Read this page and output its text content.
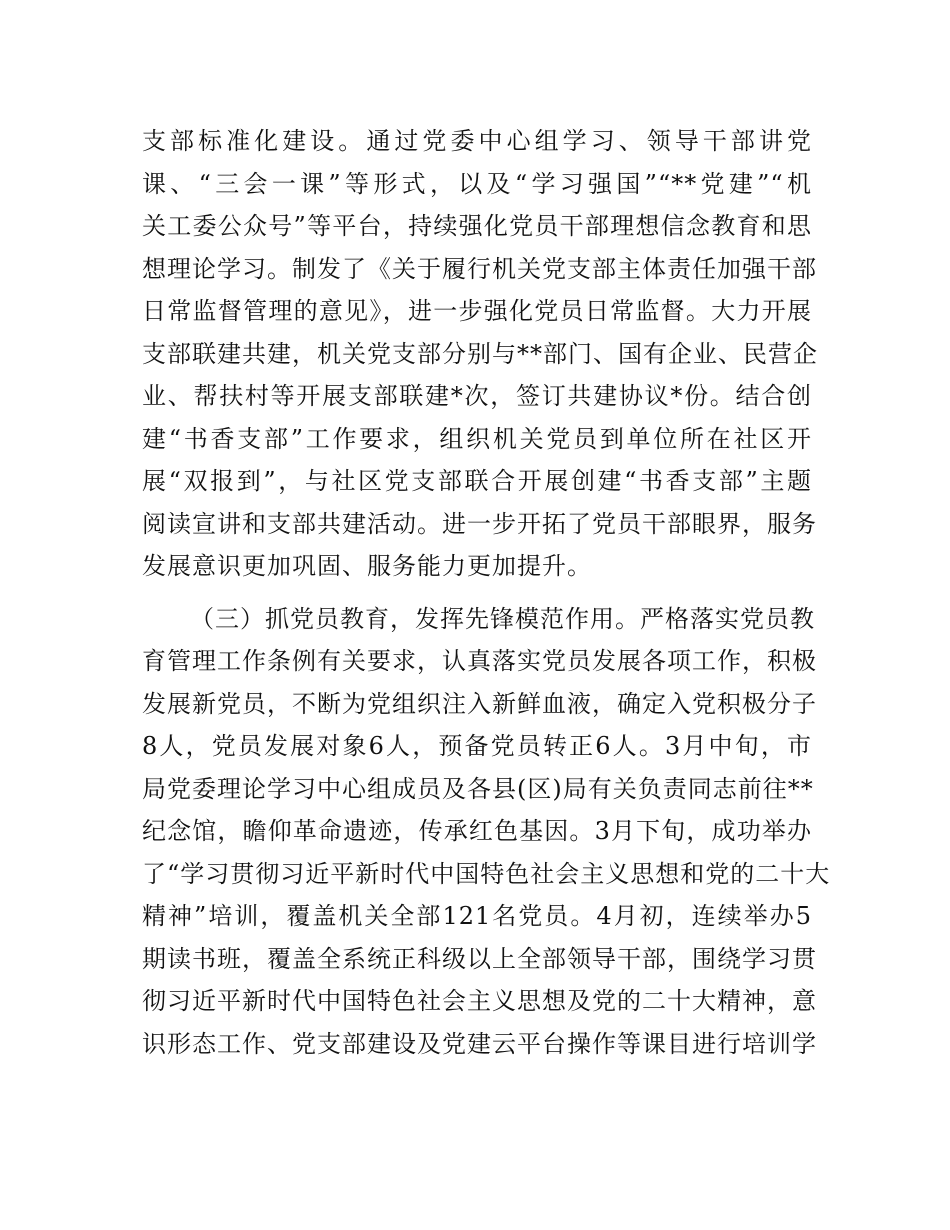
支部标准化建设。通过党委中心组学习、领导干部讲党
课、“三会一课”等形式，以及“学习强国”“**党建”“机
关工委公众号”等平台，持续强化党员干部理想信念教育和思
想理论学习。制发了《关于履行机关党支部主体责任加强干部
日常监督管理的意见》，进一步强化党员日常监督。大力开展
支部联建共建，机关党支部分别与**部门、国有企业、民营企
业、帮扶村等开展支部联建*次，签订共建协议*份。结合创
建“书香支部”工作要求，组织机关党员到单位所在社区开
展“双报到”，与社区党支部联合开展创建“书香支部”主题
阅读宣讲和支部共建活动。进一步开拓了党员干部眼界，服务
发展意识更加巩固、服务能力更加提升。
（三）抓党员教育，发挥先锋模范作用。严格落实党员教
育管理工作条例有关要求，认真落实党员发展各项工作，积极
发展新党员，不断为党组织注入新鲜血液，确定入党积极分子
8人，党员发展对象6人，预备党员转正6人。3月中旬，市
局党委理论学习中心组成员及各县(区)局有关负责同志前往**
纪念馆，瞻仰革命遗迹，传承红色基因。3月下旬，成功举办
了“学习贯彻习近平新时代中国特色社会主义思想和党的二十大
精神”培训，覆盖机关全部121名党员。4月初，连续举办5
期读书班，覆盖全系统正科级以上全部领导干部，围绕学习贯
彻习近平新时代中国特色社会主义思想及党的二十大精神，意
识形态工作、党支部建设及党建云平台操作等课目进行培训学
